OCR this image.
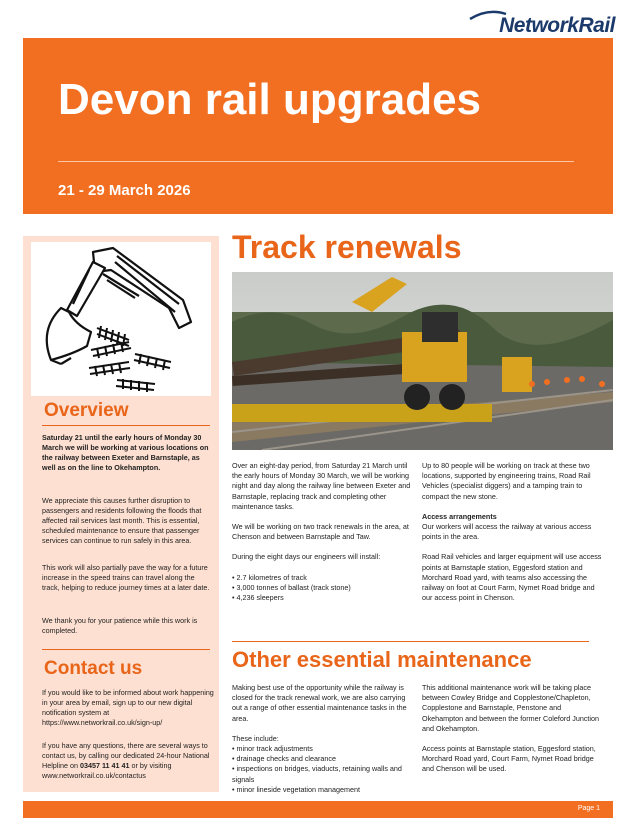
NetworkRail
Devon rail upgrades
21 - 29 March 2026
Overview

Saturday 21 until the early hours of Monday 30 March we will be working at various locations on the railway between Exeter and Barnstaple, as well as on the line to Okehampton.

We appreciate this causes further disruption to passengers and residents following the floods that affected rail services last month. This is essential, scheduled maintenance to ensure that passenger services can continue to run safely in this area.

This work will also partially pave the way for a future increase in the speed trains can travel along the track, helping to reduce journey times at a later date.

We thank you for your patience while this work is completed.

Contact us

If you would like to be informed about work happening in your area by email, sign up to our new digital notification system at https://www.networkrail.co.uk/sign-up/

If you have any questions, there are several ways to contact us, by calling our dedicated 24-hour National Helpline on 03457 11 41 41 or by visiting www.networkrail.co.uk/contactus

Track renewals

Over an eight-day period, from Saturday 21 March until the early hours of Monday 30 March, we will be working night and day along the railway line between Exeter and Barnstaple, replacing track and completing other maintenance tasks.

We will be working on two track renewals in the area, at Chenson and between Barnstaple and Taw.

During the eight days our engineers will install:

• 2.7 kilometres of track
• 3,000 tonnes of ballast (track stone)
• 4,236 sleepers

Up to 80 people will be working on track at these two locations, supported by engineering trains, Road Rail Vehicles (specialist diggers) and a tamping train to compact the new stone.

Access arrangements

Our workers will access the railway at various access points in the area.

Road Rail vehicles and larger equipment will use access points at Barnstaple station, Eggesford station and Morchard Road yard, with teams also accessing the railway on foot at Court Farm, Nymet Road bridge and our access point in Chenson.

Other essential maintenance

Making best use of the opportunity while the railway is closed for the track renewal work, we are also carrying out a range of other essential maintenance tasks in the area.

These include:

• minor track adjustments
• drainage checks and clearance
• inspections on bridges, viaducts, retaining walls and signals
• minor lineside vegetation management

This additional maintenance work will be taking place between Cowley Bridge and Copplestone/Chapleton, Copplestone and Barnstaple, Penstone and Okehampton and between the former Coleford Junction and Okehampton.

Access points at Barnstaple station, Eggesford station, Morchard Road yard, Court Farm, Nymet Road bridge and Chenson will be used.

Page 1
